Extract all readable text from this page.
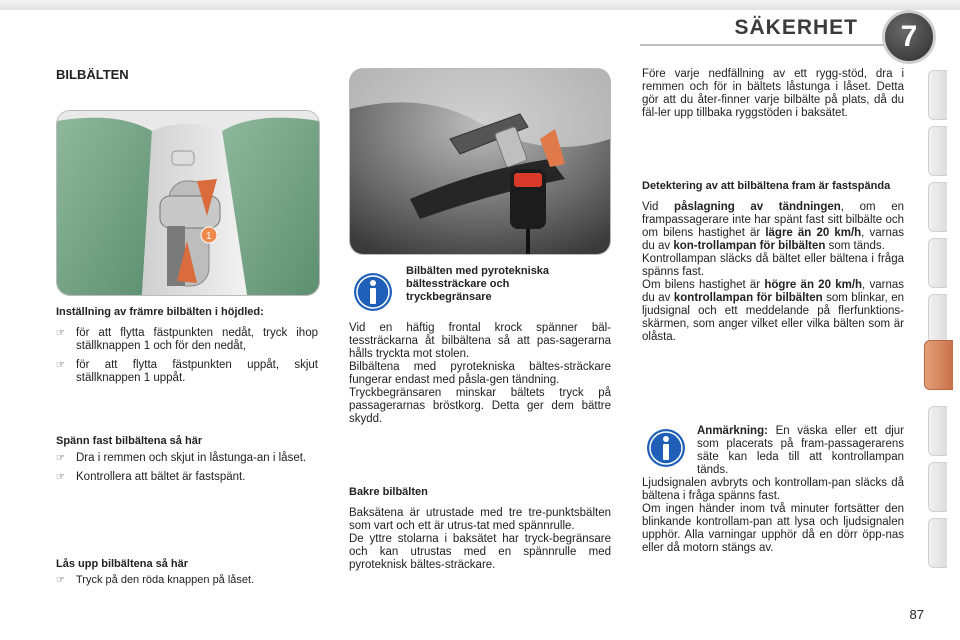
SÄKERHET	7
BILBÄLTEN
1
Inställning av främre bilbälten i höjdled:
☞ för att flytta fästpunkten nedåt, tryck ihop ställknappen 1 och för den nedåt,
☞ för att flytta fästpunkten uppåt, skjut ställknappen 1 uppåt.
Spänn fast bilbältena så här
☞ Dra i remmen och skjut in låstunga-an i låset.
☞ Kontrollera att bältet är fastspänt.
Lås upp bilbältena så här
☞ Tryck på den röda knappen på låset.
Bilbälten med pyrotekniska bältessträckare och tryckbegränsare
Vid en häftig frontal krock spänner bäl-tessträckarna åt bilbältena så att pas-sagerarna hålls tryckta mot stolen.
Bilbältena med pyrotekniska bältes-sträckare fungerar endast med påsla-gen tändning.
Tryckbegränsaren minskar bältets tryck på passagerarnas bröstkorg. Detta ger dem bättre skydd.
Bakre bilbälten
Baksätena är utrustade med tre tre-punktsbälten som vart och ett är utrus-tat med spännrulle.
De yttre stolarna i baksätet har tryck-begränsare och kan utrustas med en spännrulle med pyroteknisk bältes-sträckare.
Före varje nedfällning av ett rygg-stöd, dra i remmen och för in bältets låstunga i låset. Detta gör att du åter-finner varje bilbälte på plats, då du fäl-ler upp tillbaka ryggstöden i baksätet.
Detektering av att bilbältena fram är fastspända
Vid påslagning av tändningen, om en frampassagerare inte har spänt fast sitt bilbälte och om bilens hastighet är lägre än 20 km/h, varnas du av kon-trollampan för bilbälten som tänds.
Kontrollampan släcks då bältet eller bältena i fråga spänns fast.
Om bilens hastighet är högre än 20 km/h, varnas du av kontrollampan för bilbälten som blinkar, en ljudsignal och ett meddelande på flerfunktions-skärmen, som anger vilket eller vilka bälten som är olåsta.
Anmärkning: En väska eller ett djur som placerats på fram-passagerarens säte kan leda till att kontrollampan tänds.
Ljudsignalen avbryts och kontrollam-pan släcks då bältena i fråga spänns fast.
Om ingen händer inom två minuter fortsätter den blinkande kontrollam-pan att lysa och ljudsignalen upphör. Alla varningar upphör då en dörr öpp-nas eller då motorn stängs av.
87
